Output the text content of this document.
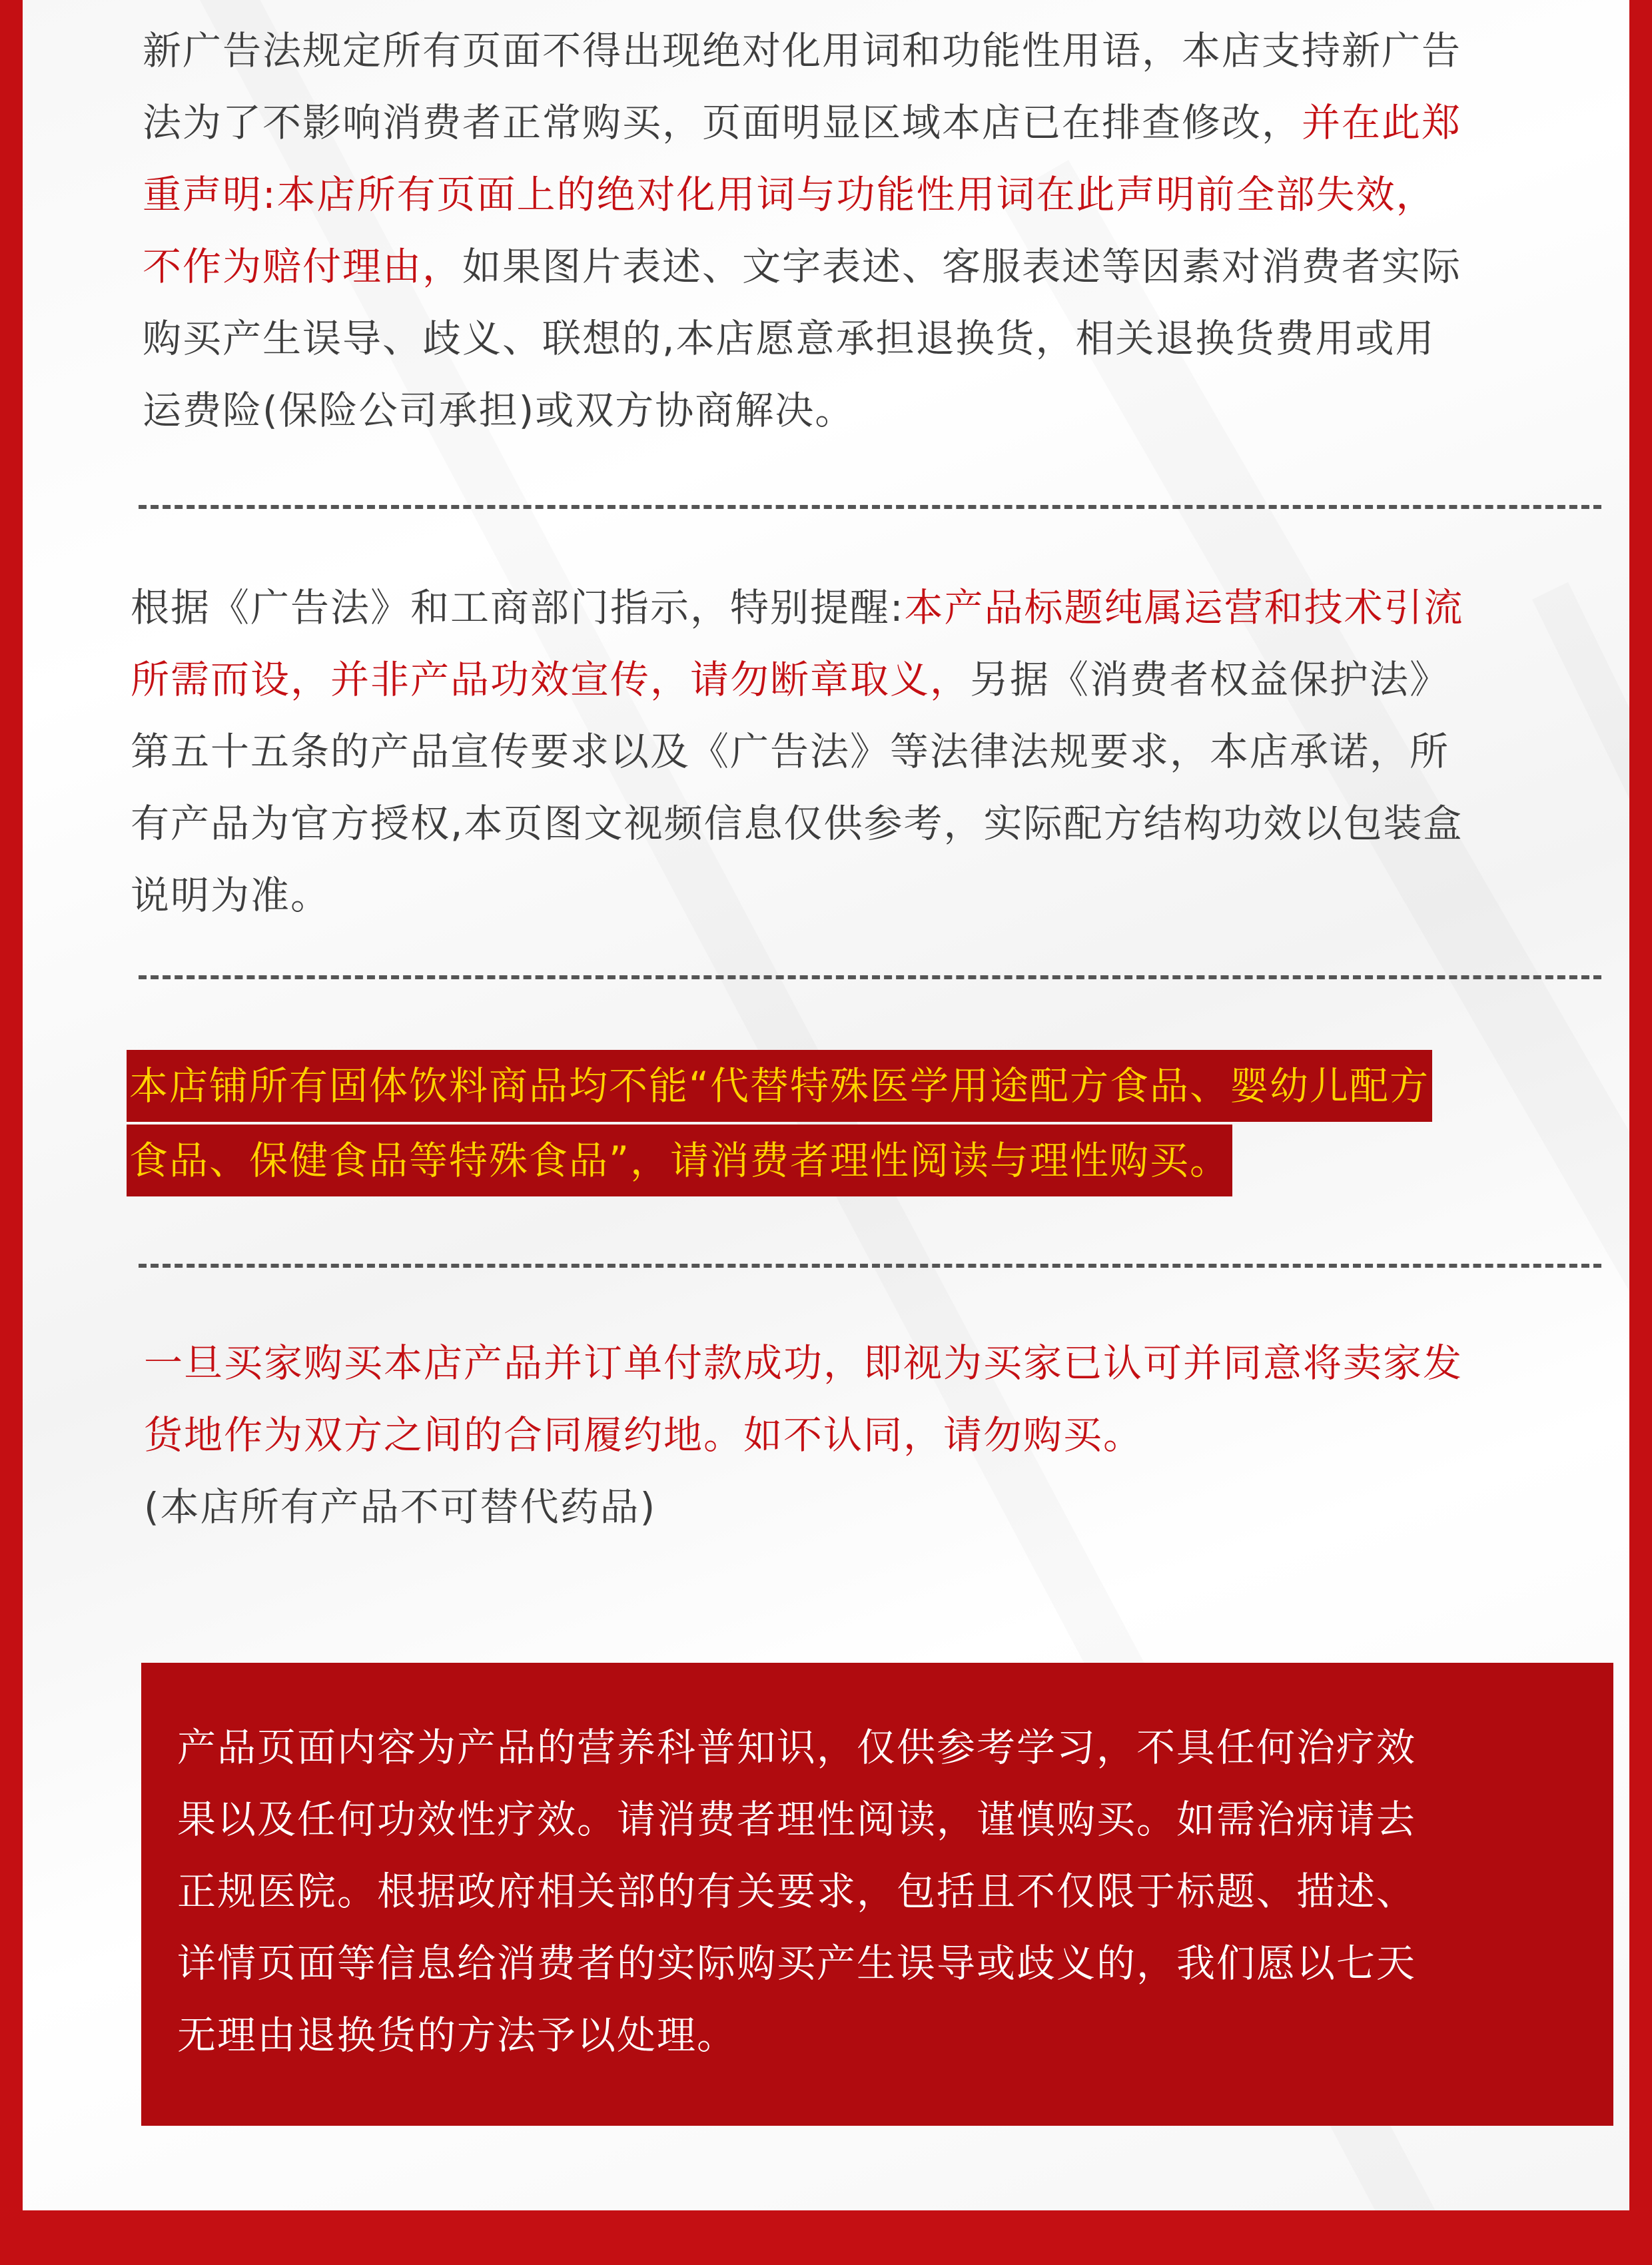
新广告法规定所有页面不得出现绝对化用词和功能性用语，本店支持新广告
法为了不影响消费者正常购买，页面明显区域本店已在排查修改，并在此郑
重声明:本店所有页面上的绝对化用词与功能性用词在此声明前全部失效，
不作为赔付理由，如果图片表述、文字表述、客服表述等因素对消费者实际
购买产生误导、歧义、联想的,本店愿意承担退换货，相关退换货费用或用
运费险(保险公司承担)或双方协商解决。
根据《广告法》和工商部门指示，特别提醒:本产品标题纯属运营和技术引流
所需而设，并非产品功效宣传，请勿断章取义，另据《消费者权益保护法》
第五十五条的产品宣传要求以及《广告法》等法律法规要求，本店承诺，所
有产品为官方授权,本页图文视频信息仅供参考，实际配方结构功效以包装盒
说明为准。
本店铺所有固体饮料商品均不能“代替特殊医学用途配方食品、婴幼儿配方
食品、保健食品等特殊食品”，请消费者理性阅读与理性购买。
一旦买家购买本店产品并订单付款成功，即视为买家已认可并同意将卖家发
货地作为双方之间的合同履约地。如不认同，请勿购买。
(本店所有产品不可替代药品)
产品页面内容为产品的营养科普知识，仅供参考学习，不具任何治疗效
果以及任何功效性疗效。请消费者理性阅读，谨慎购买。如需治病请去
正规医院。根据政府相关部的有关要求，包括且不仅限于标题、描述、
详情页面等信息给消费者的实际购买产生误导或歧义的，我们愿以七天
无理由退换货的方法予以处理。
